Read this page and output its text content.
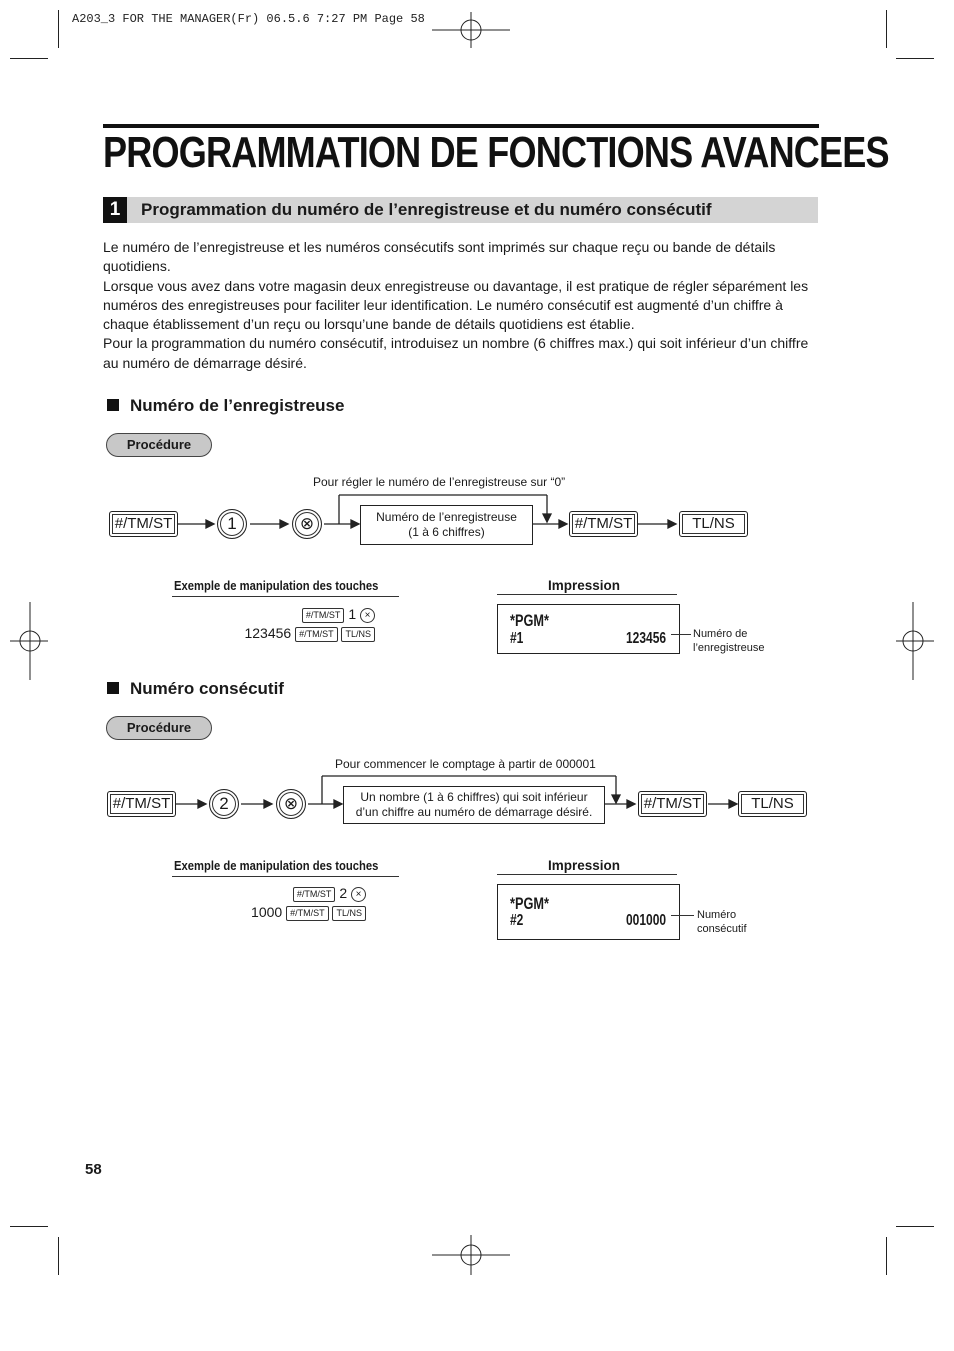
A203_3 FOR THE MANAGER(Fr) 06.5.6 7:27 PM Page 58
PROGRAMMATION DE FONCTIONS AVANCEES
1	Programmation du numéro de l’enregistreuse et du numéro consécutif

Le numéro de l’enregistreuse et les numéros consécutifs sont imprimés sur chaque reçu ou bande de détails quotidiens.

Lorsque vous avez dans votre magasin deux enregistreuse ou davantage, il est pratique de régler séparément les numéros des enregistreuses pour faciliter leur identification. Le numéro consécutif est augmenté d’un chiffre à chaque établissement d’un reçu ou lorsqu’une bande de détails quotidiens est établie.

Pour la programmation du numéro consécutif, introduisez un nombre (6 chiffres max.) qui soit inférieur d’un chiffre au numéro de démarrage désiré.

Numéro de l’enregistreuse
Procédure
#/TM/ST	1	⊗
Pour régler le numéro de l’enregistreuse sur “0”
Numéro de l’enregistreuse
(1 à 6 chiffres)	#/TM/ST	TL/NS
Exemple de manipulation des touches
#/TM/ST 1 ×
123456 #/TM/ST TL/NS
Impression
*PGM*
#1	123456 Numéro de
l’enregistreuse
Numéro consécutif
Procédure
#/TM/ST	2	⊗
Pour commencer le comptage à partir de 000001
Un nombre (1 à 6 chiffres) qui soit inférieur
d’un chiffre au numéro de démarrage désiré.	#/TM/ST	TL/NS
Exemple de manipulation des touches
#/TM/ST 2 ×
1000 #/TM/ST TL/NS
Impression
*PGM*
#2	001000	Numéro
consécutif
58
